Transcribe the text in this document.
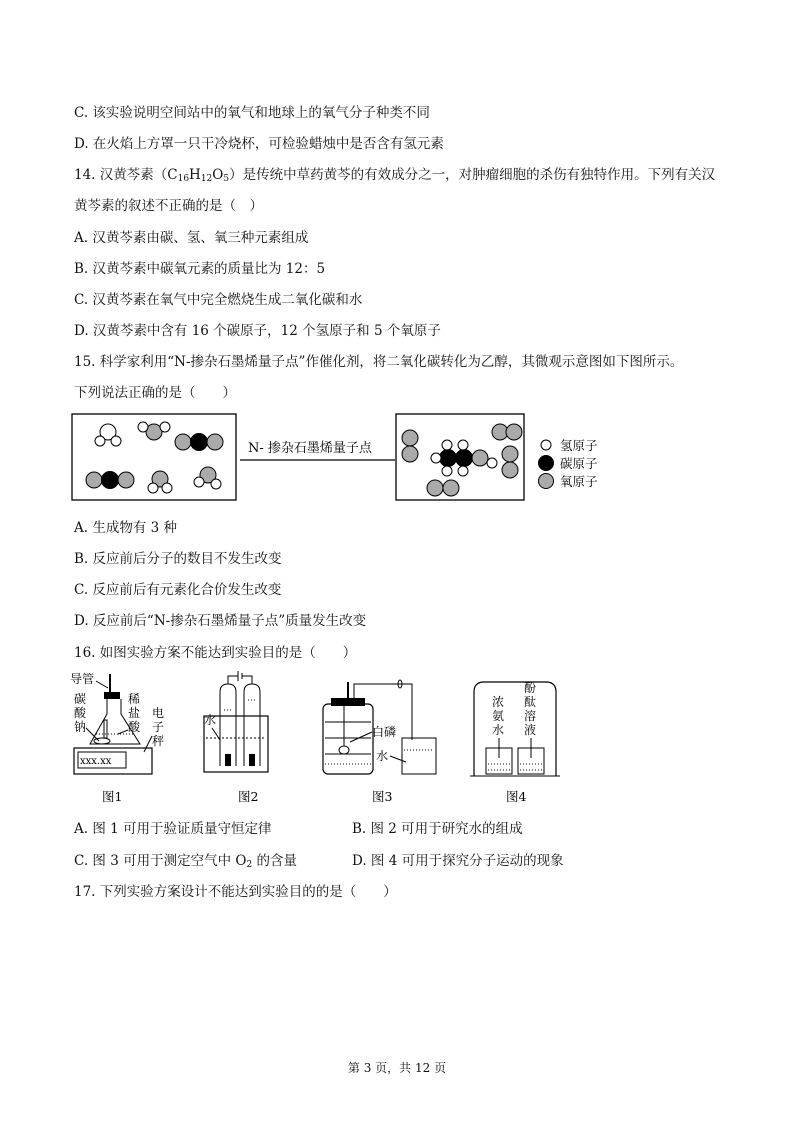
C. 该实验说明空间站中的氧气和地球上的氧气分子种类不同
D. 在火焰上方罩一只干冷烧杯，可检验蜡烛中是否含有氢元素
14. 汉黄芩素$(C_{16}H_{12}O_5)$是传统中草药黄芩的有效成分之一，对肿瘤细胞的杀伤有独特作用。下列有关汉
黄芩素的叙述不正确的是（　）
A. 汉黄芩素由碳、氢、氧三种元素组成
B. 汉黄芩素中碳氧元素的质量比为 12：5
C. 汉黄芩素在氧气中完全燃烧生成二氧化碳和水
D. 汉黄芩素中含有 16 个碳原子，12 个氢原子和 5 个氧原子
15. 科学家利用“N-掺杂石墨烯量子点”作催化剂，将二氧化碳转化为乙醇，其微观示意图如下图所示。
下列说法正确的是（　　）
N- 掺杂石墨烯量子点	氢原子
碳原子
氧原子
A. 生成物有 3 种
B. 反应前后分子的数目不发生改变
C. 反应前后有元素化合价发生改变
D. 反应前后“N-掺杂石墨烯量子点”质量发生改变
16. 如图实验方案不能达到实验目的是（　　）
导管
碳
酸
钠
稀
盐
酸
电
子
秤
xxx.xx
图1
水
图2
白磷
水
图3
浓
氨
水
酚
酞
溶
液
图4
A. 图 1 可用于验证质量守恒定律	B. 图 2 可用于研究水的组成
C. 图 3 可用于测定空气中 $O_2$ 的含量	D. 图 4 可用于探究分子运动的现象
17. 下列实验方案设计不能达到实验目的的是（　　）
第 3 页，共 12 页
